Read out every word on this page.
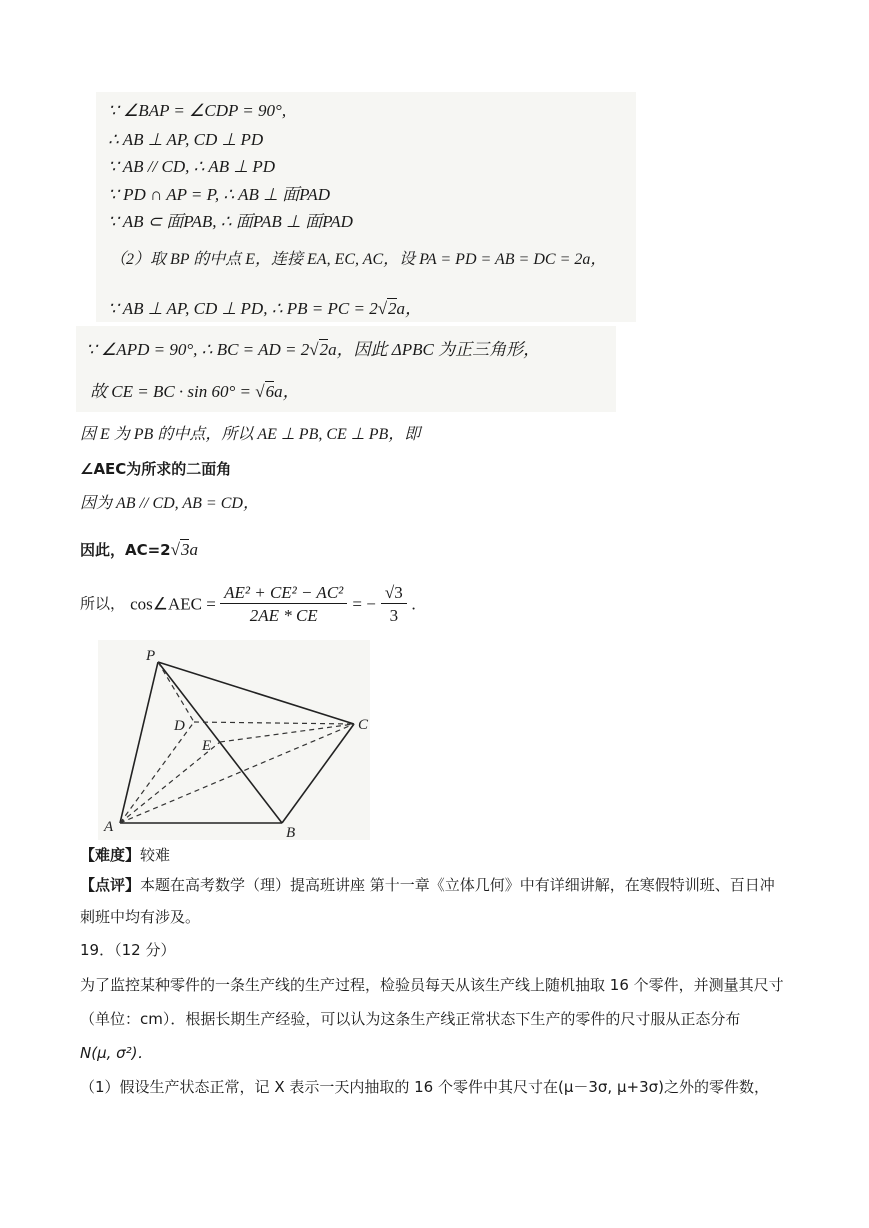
∵ ∠BAP = ∠CDP = 90°,
∴ AB ⊥ AP, CD ⊥ PD
∵ AB // CD, ∴ AB ⊥ PD
∵ PD ∩ AP = P, ∴ AB ⊥ 面PAD
∵ AB ⊂ 面PAB, ∴ 面PAB ⊥ 面PAD
（2）取 BP 的中点 E，连接 EA, EC, AC，设 PA = PD = AB = DC = 2a，
∵ AB ⊥ AP, CD ⊥ PD, ∴ PB = PC = 2√2a，
∵ ∠APD = 90°, ∴ BC = AD = 2√2a，因此 ΔPBC 为正三角形，
故 CE = BC · sin 60° = √6a，
因 E 为 PB 的中点，所以 AE ⊥ PB, CE ⊥ PB，即
∠AEC为所求的二面角
因为 AB // CD, AB = CD，
因此，AC=2√3a
所以， cos∠AEC = $\frac{\text{AE² + CE² − AC²}}{2AE * CE}$ = − $\frac{√3}{3}$ .
P
D
E
C
A	B
【难度】较难
【点评】本题在高考数学（理）提高班讲座 第十一章《立体几何》中有详细讲解，在寒假特训班、百日冲
刺班中均有涉及。
19．（12 分）
为了监控某种零件的一条生产线的生产过程，检验员每天从该生产线上随机抽取 16 个零件，并测量其尺寸
（单位：cm）．根据长期生产经验，可以认为这条生产线正常状态下生产的零件的尺寸服从正态分布
N(μ, σ²)．
（1）假设生产状态正常，记 X 表示一天内抽取的 16 个零件中其尺寸在(μ－3σ, μ+3σ)之外的零件数，
